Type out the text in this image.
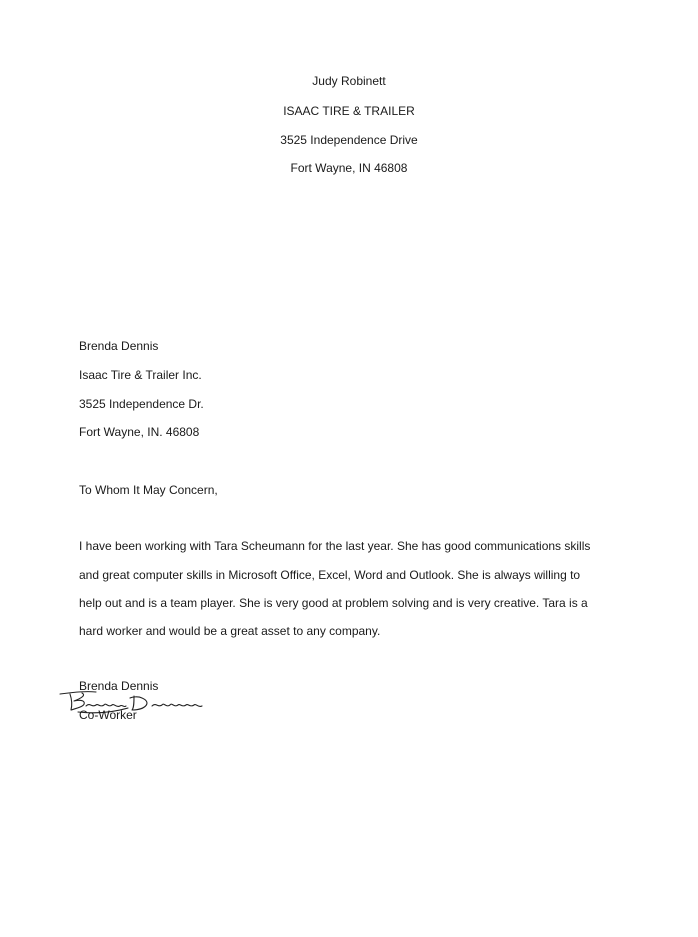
Judy Robinett
ISAAC TIRE & TRAILER
3525 Independence Drive
Fort Wayne, IN 46808
Brenda Dennis
Isaac Tire & Trailer Inc.
3525 Independence Dr.
Fort Wayne, IN. 46808
To Whom It May Concern,
I have been working with Tara Scheumann for the last year. She has good communications skills
and great computer skills in Microsoft Office, Excel, Word and Outlook. She is always willing to
help out and is a team player. She is very good at problem solving and is very creative. Tara is a
hard worker and would be a great asset to any company.
Brenda Dennis
Co-Worker
